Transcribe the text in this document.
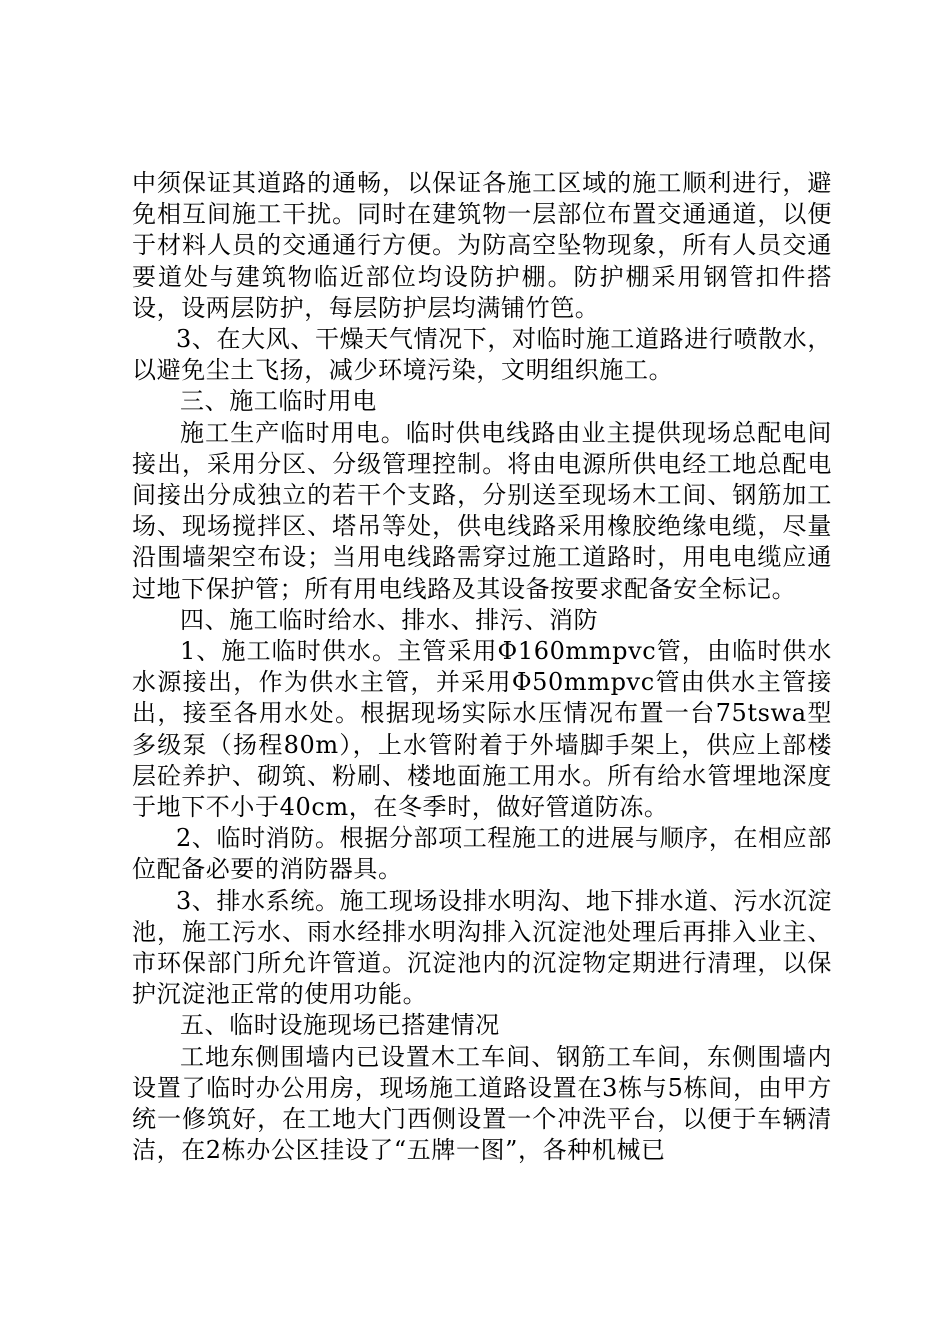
中须保证其道路的通畅，以保证各施工区域的施工顺利进行，避免相互间施工干扰。同时在建筑物一层部位布置交通通道，以便于材料人员的交通通行方便。为防高空坠物现象，所有人员交通要道处与建筑物临近部位均设防护棚。防护棚采用钢管扣件搭设，设两层防护，每层防护层均满铺竹笆。

3、在大风、干燥天气情况下，对临时施工道路进行喷散水，以避免尘土飞扬，减少环境污染，文明组织施工。

三、施工临时用电

施工生产临时用电。临时供电线路由业主提供现场总配电间接出，采用分区、分级管理控制。将由电源所供电经工地总配电间接出分成独立的若干个支路，分别送至现场木工间、钢筋加工场、现场搅拌区、塔吊等处，供电线路采用橡胶绝缘电缆，尽量沿围墙架空布设；当用电线路需穿过施工道路时，用电电缆应通过地下保护管；所有用电线路及其设备按要求配备安全标记。

四、施工临时给水、排水、排污、消防

1、施工临时供水。主管采用Φ160mmpvc管，由临时供水水源接出，作为供水主管，并采用Φ50mmpvc管由供水主管接出，接至各用水处。根据现场实际水压情况布置一台75tswa型多级泵（扬程80m），上水管附着于外墙脚手架上，供应上部楼层砼养护、砌筑、粉刷、楼地面施工用水。所有给水管埋地深度于地下不小于40cm，在冬季时，做好管道防冻。

2、临时消防。根据分部项工程施工的进展与顺序，在相应部位配备必要的消防器具。

3、排水系统。施工现场设排水明沟、地下排水道、污水沉淀池，施工污水、雨水经排水明沟排入沉淀池处理后再排入业主、市环保部门所允许管道。沉淀池内的沉淀物定期进行清理，以保护沉淀池正常的使用功能。

五、临时设施现场已搭建情况

工地东侧围墙内已设置木工车间、钢筋工车间，东侧围墙内设置了临时办公用房，现场施工道路设置在3栋与5栋间，由甲方统一修筑好，在工地大门西侧设置一个冲洗平台，以便于车辆清洁，在2栋办公区挂设了“五牌一图”，各种机械已
